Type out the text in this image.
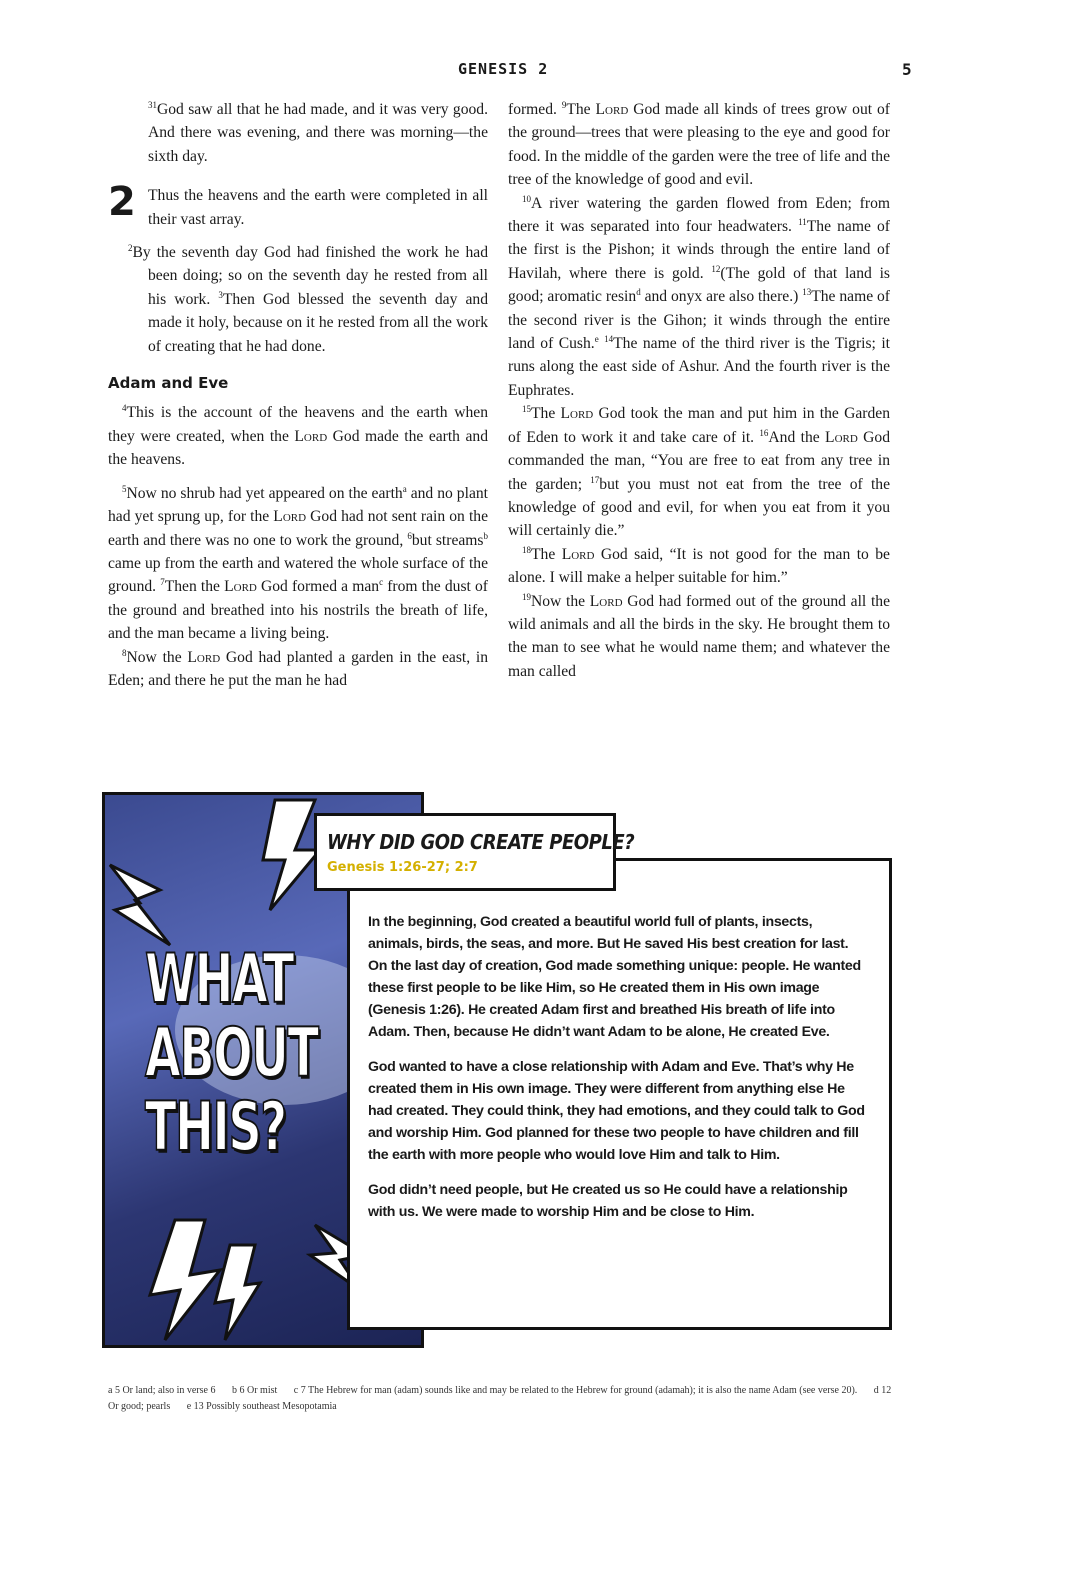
GENESIS 2	5

$^{31}$God saw all that he had made, and it was very good. And there was evening, and there was morning—the sixth day.

2 Thus the heavens and the earth were completed in all their vast array.

$^2$By the seventh day God had finished the work he had been doing; so on the seventh day he rested from all his work. $^3$Then God blessed the seventh day and made it holy, because on it he rested from all the work of creating that he had done.

Adam and Eve

$^4$This is the account of the heavens and the earth when they were created, when the Lord God made the earth and the heavens.

$^5$Now no shrub had yet appeared on the earth$^a$ and no plant had yet sprung up, for the Lord God had not sent rain on the earth and there was no one to work the ground, $^6$but streams$^b$ came up from the earth and watered the whole surface of the ground. $^7$Then the Lord God formed a man$^c$ from the dust of the ground and breathed into his nostrils the breath of life, and the man became a living being.

$^8$Now the Lord God had planted a garden in the east, in Eden; and there he put the man he had

formed. $^9$The Lord God made all kinds of trees grow out of the ground—trees that were pleasing to the eye and good for food. In the middle of the garden were the tree of life and the tree of the knowledge of good and evil.

$^{10}$A river watering the garden flowed from Eden; from there it was separated into four headwaters. $^{11}$The name of the first is the Pishon; it winds through the entire land of Havilah, where there is gold. $^{12}$(The gold of that land is good; aromatic resin$^d$ and onyx are also there.) $^{13}$The name of the second river is the Gihon; it winds through the entire land of Cush.$^e$ $^{14}$The name of the third river is the Tigris; it runs along the east side of Ashur. And the fourth river is the Euphrates.

$^{15}$The Lord God took the man and put him in the Garden of Eden to work it and take care of it. $^{16}$And the Lord God commanded the man, “You are free to eat from any tree in the garden; $^{17}$but you must not eat from the tree of the knowledge of good and evil, for when you eat from it you will certainly die.”

$^{18}$The Lord God said, “It is not good for the man to be alone. I will make a helper suitable for him.”

$^{19}$Now the Lord God had formed out of the ground all the wild animals and all the birds in the sky. He brought them to the man to see what he would name them; and whatever the man called

WHAT
ABOUT
THIS?
WHY DID GOD CREATE PEOPLE?
Genesis 1:26-27; 2:7

In the beginning, God created a beautiful world full of plants, insects, animals, birds, the seas, and more. But He saved His best creation for last. On the last day of creation, God made something unique: people. He wanted these first people to be like Him, so He created them in His own image (Genesis 1:26). He created Adam first and breathed His breath of life into Adam. Then, because He didn’t want Adam to be alone, He created Eve.

God wanted to have a close relationship with Adam and Eve. That’s why He created them in His own image. They were different from anything else He had created. They could think, they had emotions, and they could talk to God and worship Him. God planned for these two people to have children and fill the earth with more people who would love Him and talk to Him.

God didn’t need people, but He created us so He could have a relationship with us. We were made to worship Him and be close to Him.

a 5 Or land; also in verse 6 b 6 Or mist c 7 The Hebrew for man (adam) sounds like and may be related to the Hebrew for ground (adamah); it is also the name Adam (see verse 20). d 12 Or good; pearls e 13 Possibly southeast Mesopotamia
